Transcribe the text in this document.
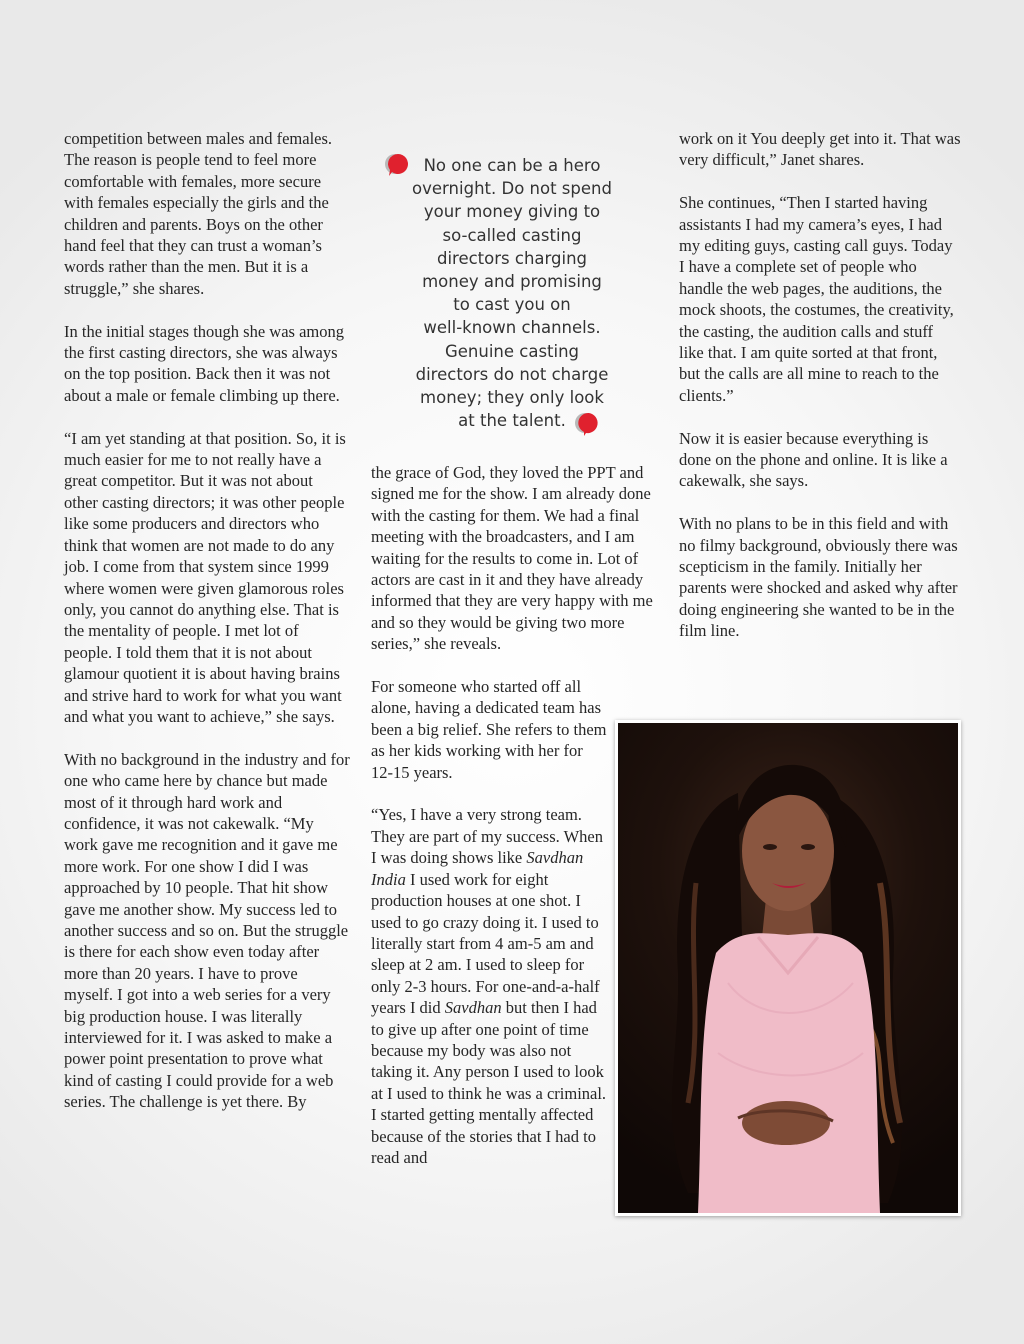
competition between males and females. The reason is people tend to feel more comfortable with females, more secure with females especially the girls and the children and parents. Boys on the other hand feel that they can trust a woman’s words rather than the men. But it is a struggle,” she shares.

In the initial stages though she was among the first casting directors, she was always on the top position. Back then it was not about a male or female climbing up there.

“I am yet standing at that position. So, it is much easier for me to not really have a great competitor. But it was not about other casting directors; it was other people like some producers and directors who think that women are not made to do any job. I come from that system since 1999 where women were given glamorous roles only, you cannot do anything else. That is the mentality of people. I met lot of people. I told them that it is not about glamour quotient it is about having brains and strive hard to work for what you want and what you want to achieve,” she says.

With no background in the industry and for one who came here by chance but made most of it through hard work and confidence, it was not cakewalk. “My work gave me recognition and it gave me more work. For one show I did I was approached by 10 people. That hit show gave me another show. My success led to another success and so on. But the struggle is there for each show even today after more than 20 years. I have to prove myself. I got into a web series for a very big production house. I was literally interviewed for it. I was asked to make a power point presentation to prove what kind of casting I could provide for a web series. The challenge is yet there. By

No one can be a hero
overnight. Do not spend
your money giving to
so-called casting
directors charging
money and promising
to cast you on
well-known channels.
Genuine casting
directors do not charge
money; they only look
at the talent.

the grace of God, they loved the PPT and signed me for the show. I am already done with the casting for them. We had a final meeting with the broadcasters, and I am waiting for the results to come in. Lot of actors are cast in it and they have already informed that they are very happy with me and so they would be giving two more series,” she reveals.

For someone who started off all alone, having a dedicated team has been a big relief. She refers to them as her kids working with her for 12-15 years.

“Yes, I have a very strong team. They are part of my success. When I was doing shows like Savdhan India I used work for eight production houses at one shot. I used to go crazy doing it. I used to literally start from 4 am-5 am and sleep at 2 am. I used to sleep for only 2-3 hours. For one-and-a-half years I did Savdhan but then I had to give up after one point of time because my body was also not taking it. Any person I used to look at I used to think he was a criminal. I started getting mentally affected because of the stories that I had to read and

work on it You deeply get into it. That was very difficult,” Janet shares.

She continues, “Then I started having assistants I had my camera’s eyes, I had my editing guys, casting call guys. Today I have a complete set of people who handle the web pages, the auditions, the mock shoots, the costumes, the creativity, the casting, the audition calls and stuff like that. I am quite sorted at that front, but the calls are all mine to reach to the clients.”

Now it is easier because everything is done on the phone and online. It is like a cakewalk, she says.

With no plans to be in this field and with no filmy background, obviously there was scepticism in the family. Initially her parents were shocked and asked why after doing engineering she wanted to be in the film line.
